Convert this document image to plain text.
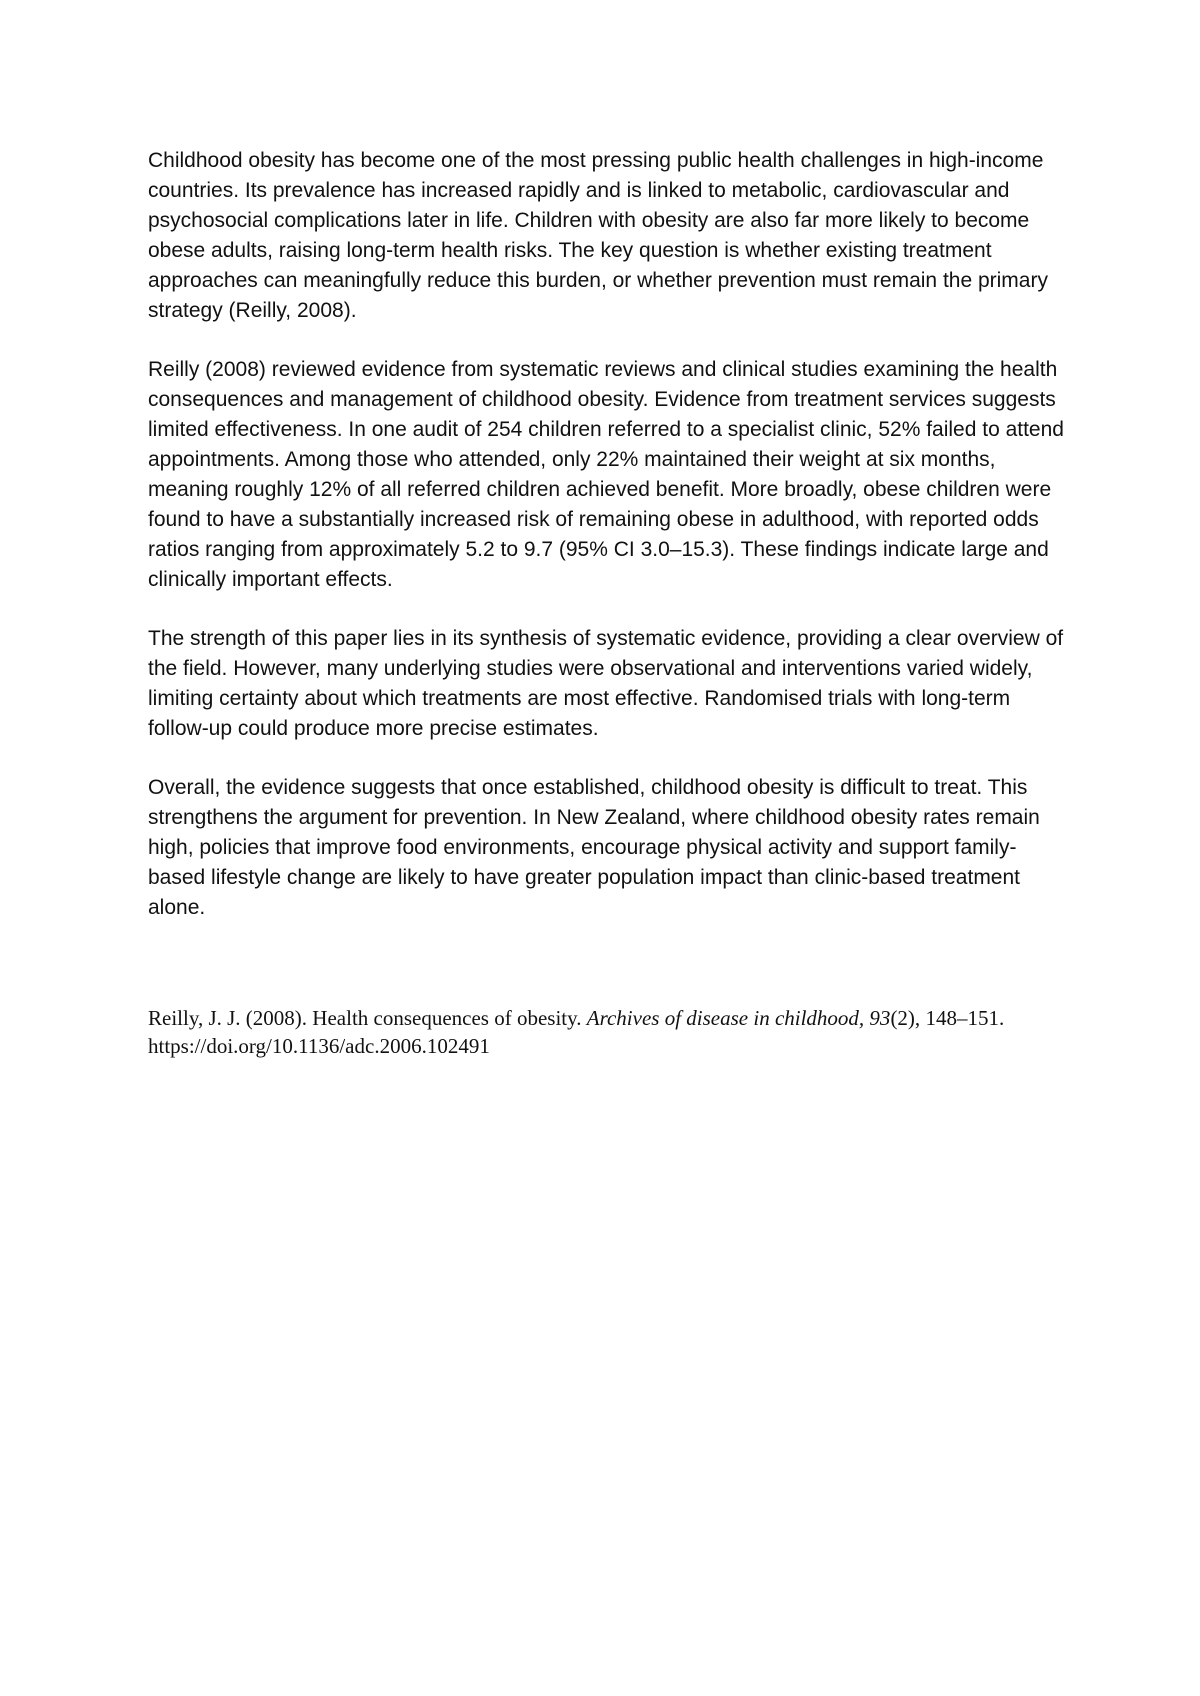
Childhood obesity has become one of the most pressing public health challenges in high-income countries. Its prevalence has increased rapidly and is linked to metabolic, cardiovascular and psychosocial complications later in life. Children with obesity are also far more likely to become obese adults, raising long-term health risks. The key question is whether existing treatment approaches can meaningfully reduce this burden, or whether prevention must remain the primary strategy (Reilly, 2008).

Reilly (2008) reviewed evidence from systematic reviews and clinical studies examining the health consequences and management of childhood obesity. Evidence from treatment services suggests limited effectiveness. In one audit of 254 children referred to a specialist clinic, 52% failed to attend appointments. Among those who attended, only 22% maintained their weight at six months, meaning roughly 12% of all referred children achieved benefit. More broadly, obese children were found to have a substantially increased risk of remaining obese in adulthood, with reported odds ratios ranging from approximately 5.2 to 9.7 (95% CI 3.0–15.3). These findings indicate large and clinically important effects.

The strength of this paper lies in its synthesis of systematic evidence, providing a clear overview of the field. However, many underlying studies were observational and interventions varied widely, limiting certainty about which treatments are most effective. Randomised trials with long-term follow-up could produce more precise estimates.

Overall, the evidence suggests that once established, childhood obesity is difficult to treat. This strengthens the argument for prevention. In New Zealand, where childhood obesity rates remain high, policies that improve food environments, encourage physical activity and support family-based lifestyle change are likely to have greater population impact than clinic-based treatment alone.

Reilly, J. J. (2008). Health consequences of obesity. Archives of disease in childhood, 93(2), 148–151. https://doi.org/10.1136/adc.2006.102491
